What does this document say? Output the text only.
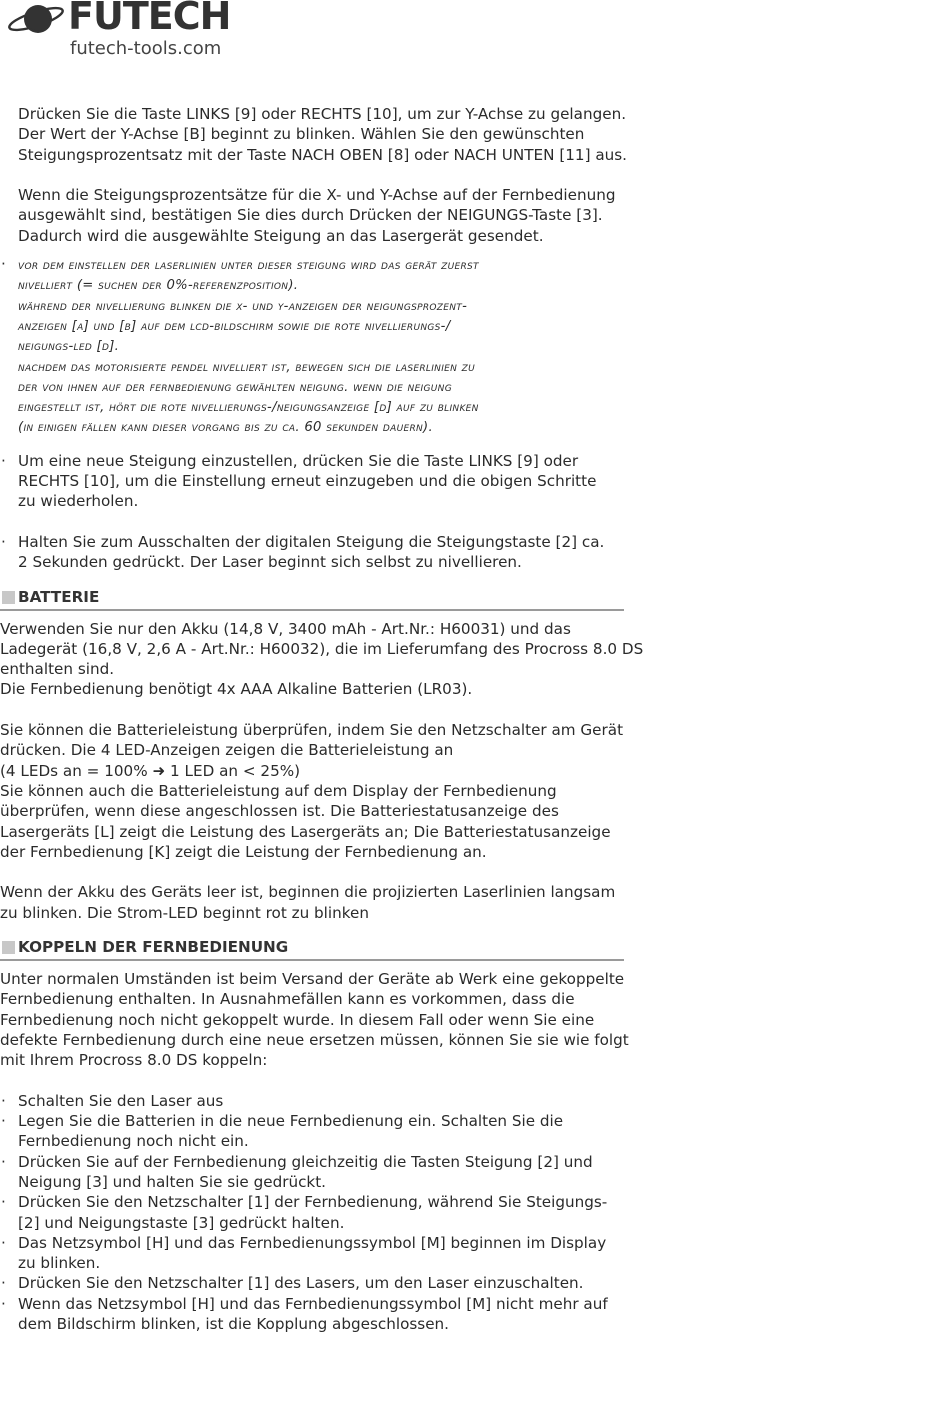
FUTECH
futech-tools.com

Drücken Sie die Taste LINKS [9] oder RECHTS [10], um zur Y-Achse zu gelangen.

Der Wert der Y-Achse [B] beginnt zu blinken. Wählen Sie den gewünschten

Steigungsprozentsatz mit der Taste NACH OBEN [8] oder NACH UNTEN [11] aus.

Wenn die Steigungsprozentsätze für die X- und Y-Achse auf der Fernbedienung

ausgewählt sind, bestätigen Sie dies durch Drücken der NEIGUNGS-Taste [3].

Dadurch wird die ausgewählte Steigung an das Lasergerät gesendet.

· vor dem einstellen der laserlinien unter dieser steigung wird das gerät zuerst

nivelliert (= suchen der 0%-referenzposition).

während der nivellierung blinken die x- und y-anzeigen der neigungsprozent-

anzeigen [a] und [b] auf dem lcd-bildschirm sowie die rote nivellierungs-/

neigungs-led [d].

nachdem das motorisierte pendel nivelliert ist, bewegen sich die laserlinien zu

der von ihnen auf der fernbedienung gewählten neigung. wenn die neigung

eingestellt ist, hört die rote nivellierungs-/neigungsanzeige [d] auf zu blinken

(in einigen fällen kann dieser vorgang bis zu ca. 60 sekunden dauern).

· Um eine neue Steigung einzustellen, drücken Sie die Taste LINKS [9] oder

RECHTS [10], um die Einstellung erneut einzugeben und die obigen Schritte

zu wiederholen.

· Halten Sie zum Ausschalten der digitalen Steigung die Steigungstaste [2] ca.

2 Sekunden gedrückt. Der Laser beginnt sich selbst zu nivellieren.

BATTERIE

Verwenden Sie nur den Akku (14,8 V, 3400 mAh - Art.Nr.: H60031) und das

Ladegerät (16,8 V, 2,6 A - Art.Nr.: H60032), die im Lieferumfang des Procross 8.0 DS

enthalten sind.

Die Fernbedienung benötigt 4x AAA Alkaline Batterien (LR03).

Sie können die Batterieleistung überprüfen, indem Sie den Netzschalter am Gerät

drücken. Die 4 LED-Anzeigen zeigen die Batterieleistung an

(4 LEDs an = 100% ➜ 1 LED an < 25%)

Sie können auch die Batterieleistung auf dem Display der Fernbedienung

überprüfen, wenn diese angeschlossen ist. Die Batteriestatusanzeige des

Lasergeräts [L] zeigt die Leistung des Lasergeräts an; Die Batteriestatusanzeige

der Fernbedienung [K] zeigt die Leistung der Fernbedienung an.

Wenn der Akku des Geräts leer ist, beginnen die projizierten Laserlinien langsam

zu blinken. Die Strom-LED beginnt rot zu blinken

KOPPELN DER FERNBEDIENUNG

Unter normalen Umständen ist beim Versand der Geräte ab Werk eine gekoppelte

Fernbedienung enthalten. In Ausnahmefällen kann es vorkommen, dass die

Fernbedienung noch nicht gekoppelt wurde. In diesem Fall oder wenn Sie eine

defekte Fernbedienung durch eine neue ersetzen müssen, können Sie sie wie folgt

mit Ihrem Procross 8.0 DS koppeln:

· Schalten Sie den Laser aus

· Legen Sie die Batterien in die neue Fernbedienung ein. Schalten Sie die

Fernbedienung noch nicht ein.

· Drücken Sie auf der Fernbedienung gleichzeitig die Tasten Steigung [2] und

Neigung [3] und halten Sie sie gedrückt.

· Drücken Sie den Netzschalter [1] der Fernbedienung, während Sie Steigungs-

[2] und Neigungstaste [3] gedrückt halten.

· Das Netzsymbol [H] und das Fernbedienungssymbol [M] beginnen im Display

zu blinken.

· Drücken Sie den Netzschalter [1] des Lasers, um den Laser einzuschalten.

· Wenn das Netzsymbol [H] und das Fernbedienungssymbol [M] nicht mehr auf

dem Bildschirm blinken, ist die Kopplung abgeschlossen.
